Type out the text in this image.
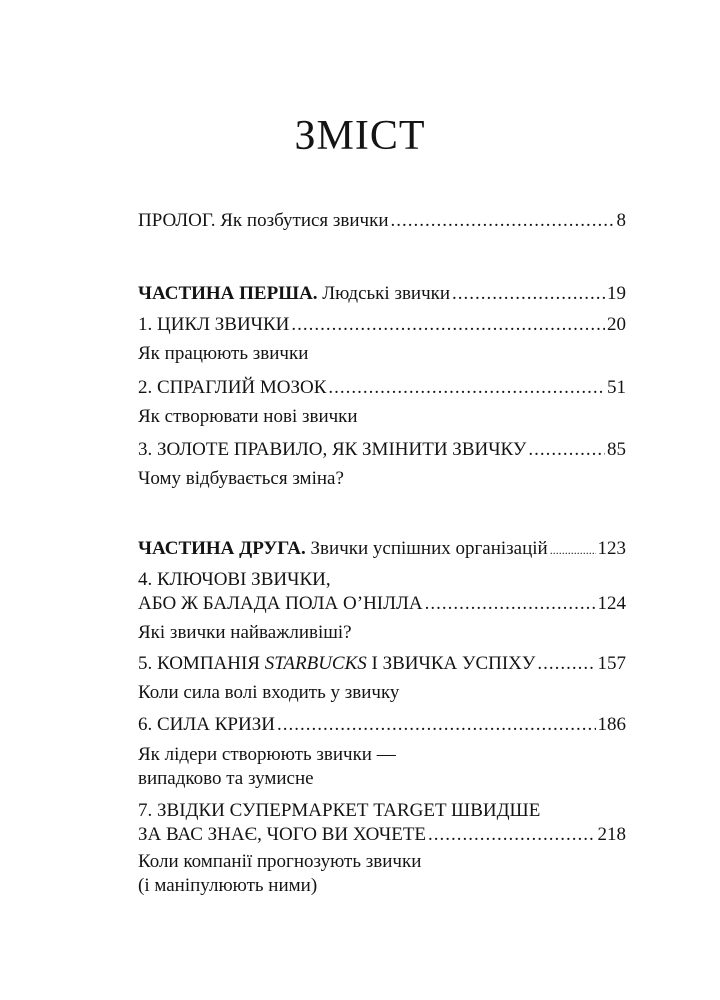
ЗМІСТ
ПРОЛОГ. Як позбутися звички .....	8
ЧАСТИНА ПЕРША. Людські звички .....	19
1. ЦИКЛ ЗВИЧКИ .....	20
Як працюють звички
2. СПРАГЛИЙ МОЗОК .....	51
Як створювати нові звички
3. ЗОЛОТЕ ПРАВИЛО, ЯК ЗМІНИТИ ЗВИЧКУ .....	85
Чому відбувається зміна?
ЧАСТИНА ДРУГА. Звички успішних організацій .....	123
4. КЛЮЧОВІ ЗВИЧКИ,
АБО Ж БАЛАДА ПОЛА О’НІЛЛА .....	124
Які звички найважливіші?
5. КОМПАНІЯ STARBUCKS І ЗВИЧКА УСПІХУ .....	157
Коли сила волі входить у звичку
6. СИЛА КРИЗИ .....	186
Як лідери створюють звички —
випадково та зумисне
7. ЗВІДКИ СУПЕРМАРКЕТ TARGET ШВИДШЕ
ЗА ВАС ЗНАЄ, ЧОГО ВИ ХОЧЕТЕ .....	218
Коли компанії прогнозують звички
(і маніпулюють ними)
